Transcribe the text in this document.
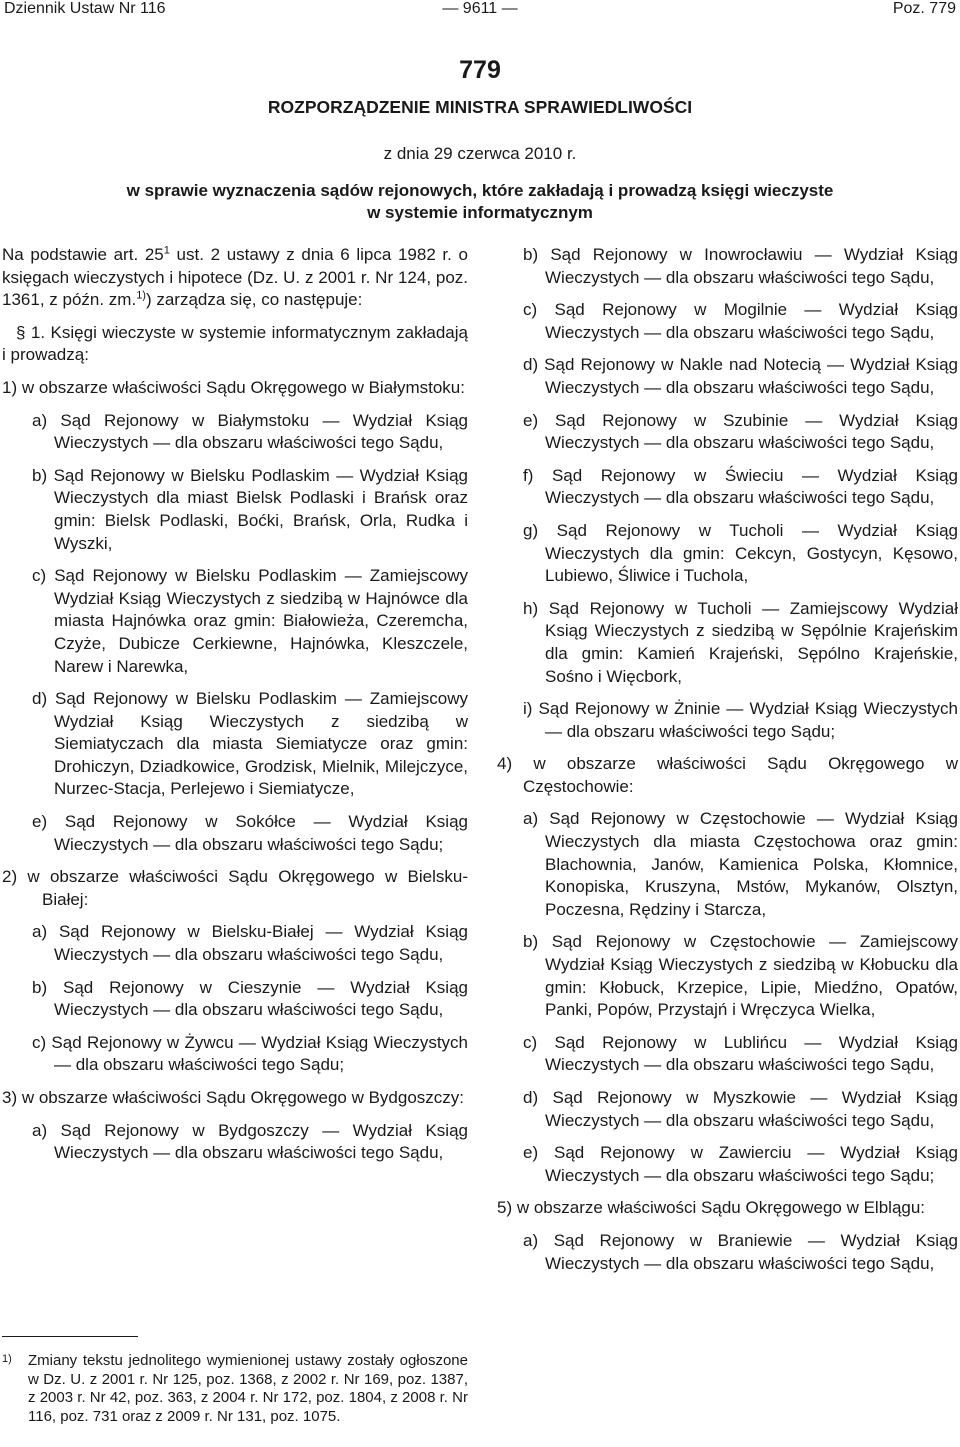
Dziennik Ustaw Nr 116	— 9611 —	Poz. 779
779
ROZPORZĄDZENIE MINISTRA SPRAWIEDLIWOŚCI
z dnia 29 czerwca 2010 r.
w sprawie wyznaczenia sądów rejonowych, które zakładają i prowadzą księgi wieczyste
w systemie informatycznym

Na podstawie art. $25^1$ ust. 2 ustawy z dnia 6 lipca 1982 r. o księgach wieczystych i hipotece (Dz. U. z 2001 r. Nr 124, poz. 1361, z późn. zm.$^{1)}$) zarządza się, co następuje:

§ 1. Księgi wieczyste w systemie informatycznym zakładają i prowadzą:

1) w obszarze właściwości Sądu Okręgowego w Białymstoku:

a) Sąd Rejonowy w Białymstoku — Wydział Ksiąg Wieczystych — dla obszaru właściwości tego Sądu,

b) Sąd Rejonowy w Bielsku Podlaskim — Wydział Ksiąg Wieczystych dla miast Bielsk Podlaski i Brańsk oraz gmin: Bielsk Podlaski, Boćki, Brańsk, Orla, Rudka i Wyszki,

c) Sąd Rejonowy w Bielsku Podlaskim — Zamiejscowy Wydział Ksiąg Wieczystych z siedzibą w Hajnówce dla miasta Hajnówka oraz gmin: Białowieża, Czeremcha, Czyże, Dubicze Cerkiewne, Hajnówka, Kleszczele, Narew i Narewka,

d) Sąd Rejonowy w Bielsku Podlaskim — Zamiejscowy Wydział Ksiąg Wieczystych z siedzibą w Siemiatyczach dla miasta Siemiatycze oraz gmin: Drohiczyn, Dziadkowice, Grodzisk, Mielnik, Milejczyce, Nurzec-Stacja, Perlejewo i Siemiatycze,

e) Sąd Rejonowy w Sokółce — Wydział Ksiąg Wieczystych — dla obszaru właściwości tego Sądu;

2) w obszarze właściwości Sądu Okręgowego w Bielsku-Białej:

a) Sąd Rejonowy w Bielsku-Białej — Wydział Ksiąg Wieczystych — dla obszaru właściwości tego Sądu,

b) Sąd Rejonowy w Cieszynie — Wydział Ksiąg Wieczystych — dla obszaru właściwości tego Sądu,

c) Sąd Rejonowy w Żywcu — Wydział Ksiąg Wieczystych — dla obszaru właściwości tego Sądu;

3) w obszarze właściwości Sądu Okręgowego w Bydgoszczy:

a) Sąd Rejonowy w Bydgoszczy — Wydział Ksiąg Wieczystych — dla obszaru właściwości tego Sądu,

b) Sąd Rejonowy w Inowrocławiu — Wydział Ksiąg Wieczystych — dla obszaru właściwości tego Sądu,

c) Sąd Rejonowy w Mogilnie — Wydział Ksiąg Wieczystych — dla obszaru właściwości tego Sądu,

d) Sąd Rejonowy w Nakle nad Notecią — Wydział Ksiąg Wieczystych — dla obszaru właściwości tego Sądu,

e) Sąd Rejonowy w Szubinie — Wydział Ksiąg Wieczystych — dla obszaru właściwości tego Sądu,

f) Sąd Rejonowy w Świeciu — Wydział Ksiąg Wieczystych — dla obszaru właściwości tego Sądu,

g) Sąd Rejonowy w Tucholi — Wydział Ksiąg Wieczystych dla gmin: Cekcyn, Gostycyn, Kęsowo, Lubiewo, Śliwice i Tuchola,

h) Sąd Rejonowy w Tucholi — Zamiejscowy Wydział Ksiąg Wieczystych z siedzibą w Sępólnie Krajeńskim dla gmin: Kamień Krajeński, Sępólno Krajeńskie, Sośno i Więcbork,

i) Sąd Rejonowy w Żninie — Wydział Ksiąg Wieczystych — dla obszaru właściwości tego Sądu;

4) w obszarze właściwości Sądu Okręgowego w Częstochowie:

a) Sąd Rejonowy w Częstochowie — Wydział Ksiąg Wieczystych dla miasta Częstochowa oraz gmin: Blachownia, Janów, Kamienica Polska, Kłomnice, Konopiska, Kruszyna, Mstów, Mykanów, Olsztyn, Poczesna, Rędziny i Starcza,

b) Sąd Rejonowy w Częstochowie — Zamiejscowy Wydział Ksiąg Wieczystych z siedzibą w Kłobucku dla gmin: Kłobuck, Krzepice, Lipie, Miedźno, Opatów, Panki, Popów, Przystajń i Wręczyca Wielka,

c) Sąd Rejonowy w Lublińcu — Wydział Ksiąg Wieczystych — dla obszaru właściwości tego Sądu,

d) Sąd Rejonowy w Myszkowie — Wydział Ksiąg Wieczystych — dla obszaru właściwości tego Sądu,

e) Sąd Rejonowy w Zawierciu — Wydział Ksiąg Wieczystych — dla obszaru właściwości tego Sądu;

5) w obszarze właściwości Sądu Okręgowego w Elblągu:

a) Sąd Rejonowy w Braniewie — Wydział Ksiąg Wieczystych — dla obszaru właściwości tego Sądu,

1)	Zmiany tekstu jednolitego wymienionej ustawy zostały ogłoszone w Dz. U. z 2001 r. Nr 125, poz. 1368, z 2002 r. Nr 169, poz. 1387, z 2003 r. Nr 42, poz. 363, z 2004 r. Nr 172, poz. 1804, z 2008 r. Nr 116, poz. 731 oraz z 2009 r. Nr 131, poz. 1075.
